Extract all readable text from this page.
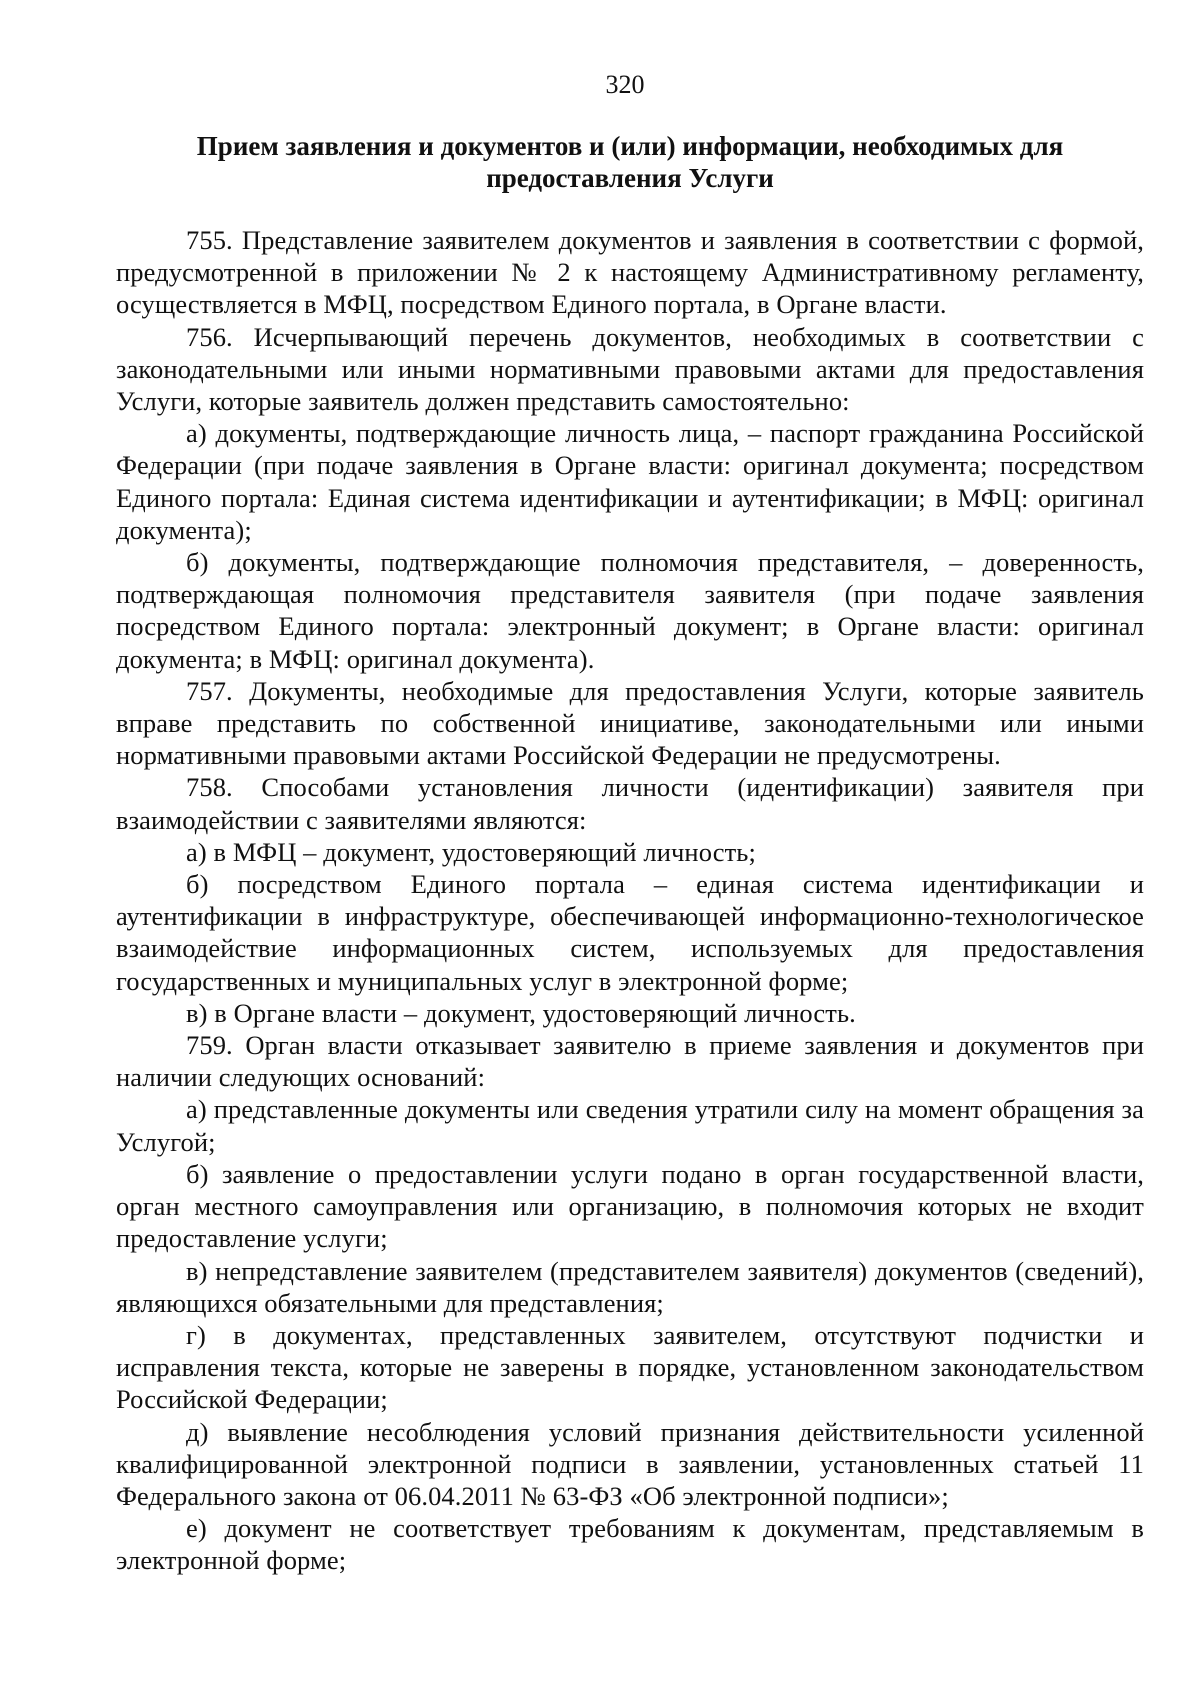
320
Прием заявления и документов и (или) информации, необходимых для
предоставления Услуги

755. Представление заявителем документов и заявления в соответствии с формой, предусмотренной в приложении № 2 к настоящему Административному регламенту, осуществляется в МФЦ, посредством Единого портала, в Органе власти.

756. Исчерпывающий перечень документов, необходимых в соответствии с законодательными или иными нормативными правовыми актами для предоставления Услуги, которые заявитель должен представить самостоятельно:

а) документы, подтверждающие личность лица, – паспорт гражданина Российской Федерации (при подаче заявления в Органе власти: оригинал документа; посредством Единого портала: Единая система идентификации и аутентификации; в МФЦ: оригинал документа);

б) документы, подтверждающие полномочия представителя, – доверенность, подтверждающая полномочия представителя заявителя (при подаче заявления посредством Единого портала: электронный документ; в Органе власти: оригинал документа; в МФЦ: оригинал документа).

757. Документы, необходимые для предоставления Услуги, которые заявитель вправе представить по собственной инициативе, законодательными или иными нормативными правовыми актами Российской Федерации не предусмотрены.

758. Способами установления личности (идентификации) заявителя при взаимодействии с заявителями являются:

а) в МФЦ – документ, удостоверяющий личность;

б) посредством Единого портала – единая система идентификации и аутентификации в инфраструктуре, обеспечивающей информационно-технологическое взаимодействие информационных систем, используемых для предоставления государственных и муниципальных услуг в электронной форме;

в) в Органе власти – документ, удостоверяющий личность.

759. Орган власти отказывает заявителю в приеме заявления и документов при наличии следующих оснований:

а) представленные документы или сведения утратили силу на момент обращения за Услугой;

б) заявление о предоставлении услуги подано в орган государственной власти, орган местного самоуправления или организацию, в полномочия которых не входит предоставление услуги;

в) непредставление заявителем (представителем заявителя) документов (сведений), являющихся обязательными для представления;

г) в документах, представленных заявителем, отсутствуют подчистки и исправления текста, которые не заверены в порядке, установленном законодательством Российской Федерации;

д) выявление несоблюдения условий признания действительности усиленной квалифицированной электронной подписи в заявлении, установленных статьей 11 Федерального закона от 06.04.2011 № 63-ФЗ «Об электронной подписи»;

е) документ не соответствует требованиям к документам, представляемым в электронной форме;
